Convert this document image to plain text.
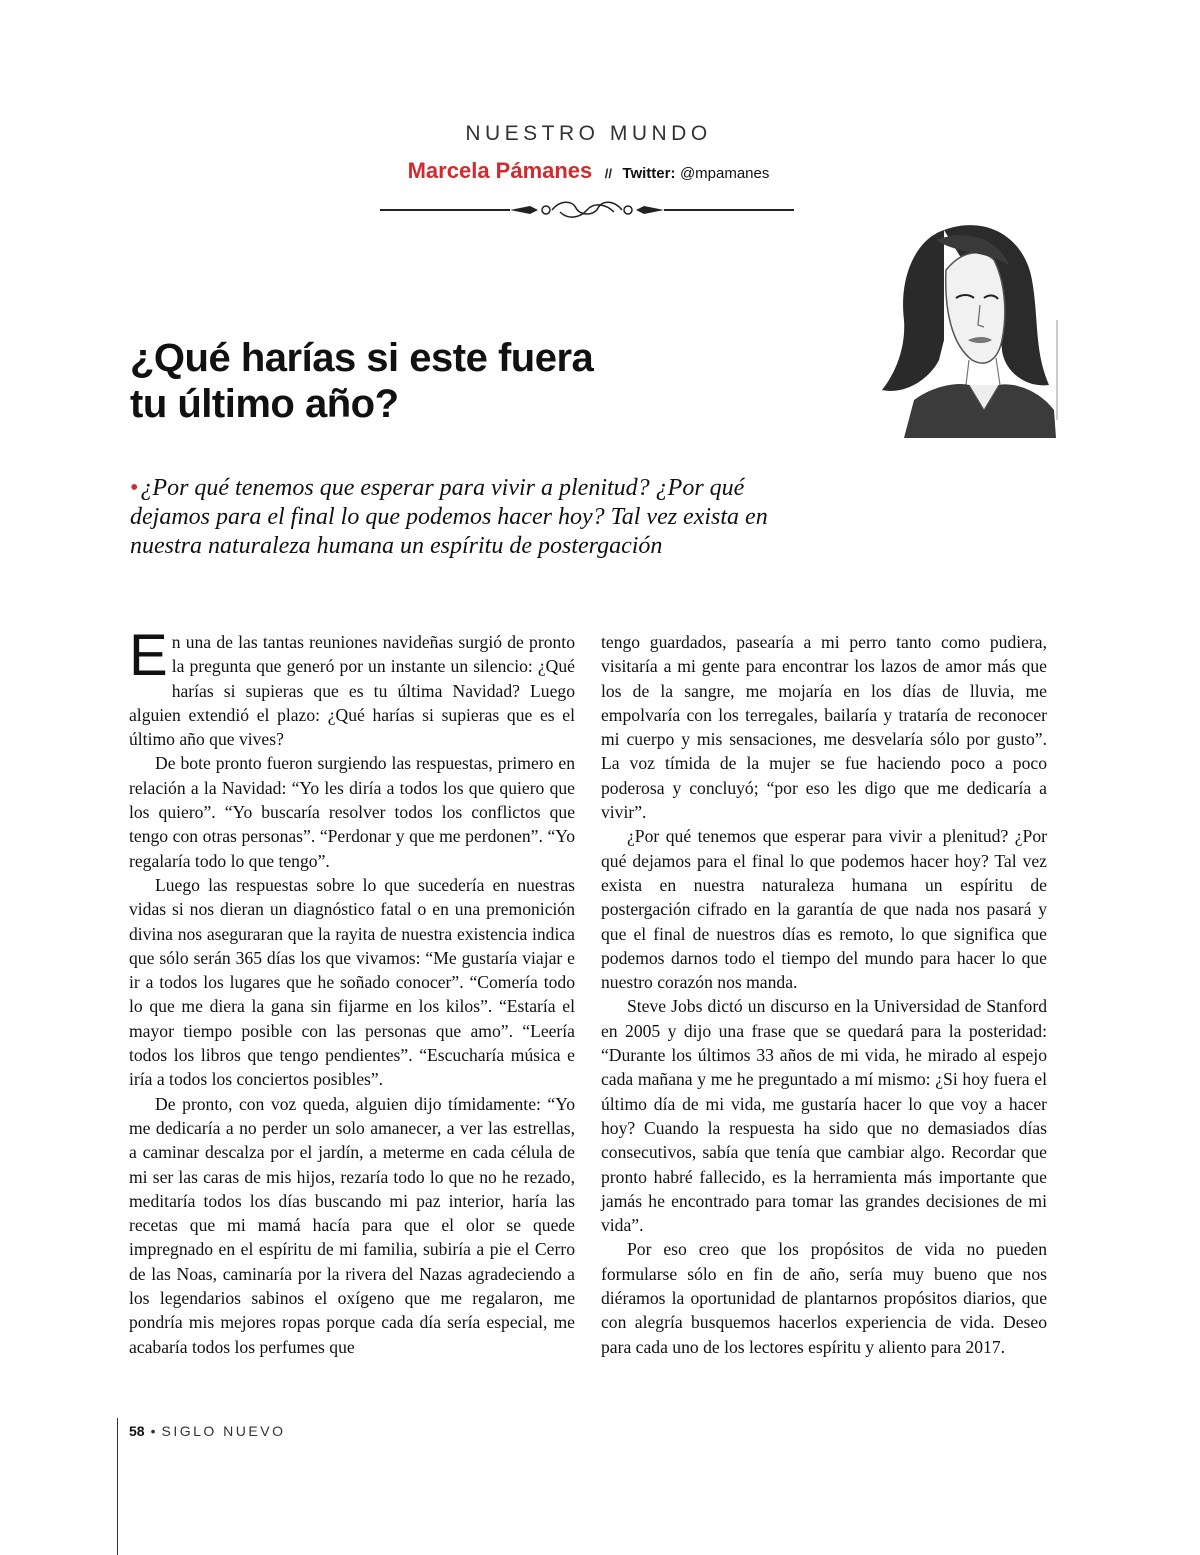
NUESTRO MUNDO
Marcela Pámanes // Twitter: @mpamanes
¿Qué harías si este fuera
tu último año?
•¿Por qué tenemos que esperar para vivir a plenitud? ¿Por qué dejamos para el final lo que podemos hacer hoy? Tal vez exista en nuestra naturaleza humana un espíritu de postergación

En una de las tantas reuniones navideñas surgió de pronto la pregunta que generó por un instante un silencio: ¿Qué harías si supieras que es tu última Navidad? Luego alguien extendió el plazo: ¿Qué harías si supieras que es el último año que vives?

De bote pronto fueron surgiendo las respuestas, primero en relación a la Navidad: “Yo les diría a todos los que quiero que los quiero”. “Yo buscaría resolver todos los conflictos que tengo con otras personas”. “Perdonar y que me perdonen”. “Yo regalaría todo lo que tengo”.

Luego las respuestas sobre lo que sucedería en nuestras vidas si nos dieran un diagnóstico fatal o en una premonición divina nos aseguraran que la rayita de nuestra existencia indica que sólo serán 365 días los que vivamos: “Me gustaría viajar e ir a todos los lugares que he soñado conocer”. “Comería todo lo que me diera la gana sin fijarme en los kilos”. “Estaría el mayor tiempo posible con las personas que amo”. “Leería todos los libros que tengo pendientes”. “Escucharía música e iría a todos los conciertos posibles”.

De pronto, con voz queda, alguien dijo tímidamente: “Yo me dedicaría a no perder un solo amanecer, a ver las estrellas, a caminar descalza por el jardín, a meterme en cada célula de mi ser las caras de mis hijos, rezaría todo lo que no he rezado, meditaría todos los días buscando mi paz interior, haría las recetas que mi mamá hacía para que el olor se quede impregnado en el espíritu de mi familia, subiría a pie el Cerro de las Noas, caminaría por la rivera del Nazas agradeciendo a los legendarios sabinos el oxígeno que me regalaron, me pondría mis mejores ropas porque cada día sería especial, me acabaría todos los perfumes que

tengo guardados, pasearía a mi perro tanto como pudiera, visitaría a mi gente para encontrar los lazos de amor más que los de la sangre, me mojaría en los días de lluvia, me empolvaría con los terregales, bailaría y trataría de reconocer mi cuerpo y mis sensaciones, me desvelaría sólo por gusto”. La voz tímida de la mujer se fue haciendo poco a poco poderosa y concluyó; “por eso les digo que me dedicaría a vivir”.

¿Por qué tenemos que esperar para vivir a plenitud? ¿Por qué dejamos para el final lo que podemos hacer hoy? Tal vez exista en nuestra naturaleza humana un espíritu de postergación cifrado en la garantía de que nada nos pasará y que el final de nuestros días es remoto, lo que significa que podemos darnos todo el tiempo del mundo para hacer lo que nuestro corazón nos manda.

Steve Jobs dictó un discurso en la Universidad de Stanford en 2005 y dijo una frase que se quedará para la posteridad: “Durante los últimos 33 años de mi vida, he mirado al espejo cada mañana y me he preguntado a mí mismo: ¿Si hoy fuera el último día de mi vida, me gustaría hacer lo que voy a hacer hoy? Cuando la respuesta ha sido que no demasiados días consecutivos, sabía que tenía que cambiar algo. Recordar que pronto habré fallecido, es la herramienta más importante que jamás he encontrado para tomar las grandes decisiones de mi vida”.

Por eso creo que los propósitos de vida no pueden formularse sólo en fin de año, sería muy bueno que nos diéramos la oportunidad de plantarnos propósitos diarios, que con alegría busquemos hacerlos experiencia de vida. Deseo para cada uno de los lectores espíritu y aliento para 2017.

58 • SIGLO NUEVO
